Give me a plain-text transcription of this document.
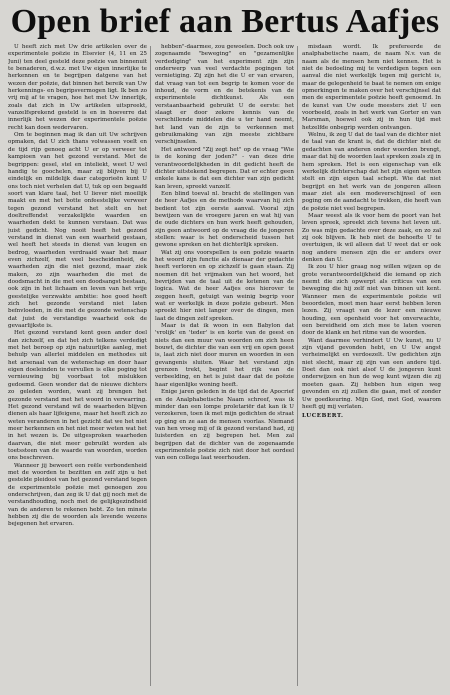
Open brief aan Bertus Aafjes

U heeft zich met Uw drie artikelen over de experimentele poëzie in Elsevier (4, 11 en 25 Juni) ten deel gesteld deze poëzie van binnenuit te benaderen, d.w.z. met Uw eigen innerlijke te herkennen en te begrijpen datgene van het wezen der poëzie, dat binnen het bereik van Uw herkennings- en begripsvermogen ligt. Ik ben zo vrij mij af te vragen, hoe het met Uw innerlijk, zoals dat zich in Uw artikelen uitspreekt, vanzelfsprekend gesteld is en in hoeverre dat innerlijk het wezen der experimentele poëzie recht kan doen wedervaren.

Om te beginnen mag ik dan uit Uw schrijven opmaken, dat U zich thans volwassen voelt en de tijd rijp genoeg acht U er op verweer tot kampioen van het gezond verstand. Met de begrippen: gesel, stel en inteliekt, weet U wel handig te goochelen, maar zij blijven bij U eindelijk en mildelijk daar categorieën kunt U ons toch niet verhelen dat U, tuk op een begaafd soort van klare taal, het U liever niet moeilijk maakt en met het botte onfeestelijke verweer tegen gezond verstand het stelt en het doeltreffendst verzakelijkte waarden en waarheden dekt te kunnen verstaan. Dat was juist gedicht. Nog nooit heeft het gezond verstand in dienst van een waarheid gestaan, wel heeft het steeds in dienst van leugen en bedrog, waarheden verdraaid waar het maar even zichzelf, met veel bescheidenheid, de waarheden zijn die niet gezond, maar ziek maken, zo zijn waarheden die met de doodsmacht in die met een doodsangst bestaan, ook zijn in het lichaam en leven van het vrije geestelijke verzwakte ambitie: hoe goed heeft zich het gezonde verstand niet laten beïnvloeden, in die met de gezonde wetenschap dat juist de verstandige waarheid ook de gevaarlijkste is.

Het gezond verstand kent geen ander doel dan zichzelf, en dat het zich telkens verdedigt met het beroep op zijn natuurlijke aanleg, met behulp van allerlei middelen en methodes uit het arsenaal van de wetenschap en door haar eigen doeleinden te vervullen is elke poging tot vernieuwing bij voorbaat tot mislukken gedoemd. Geen wonder dat de nieuwe dichters zo geleden worden, want zij brengen het gezonde verstand met het woord in verwarring. Het gezond verstand wil de waarheden blijven dienen als haar lijfeigene, maar het heeft zich zo weten veranderen in het gezicht dat we het niet meer herkennen en het niet meer weten wat het in het wezen is. De uitgesproken waarheden daarvan, die niet meer gebruikt worden als toetssteen van de waarde van woorden, worden ons beschreven.

Wanneer jij beweert een reële verbondenheid met de woorden te bezitten en zelf zijn u het gestelde pleidooi van het gezond verstand tegen de experimentele poëzie met genoegen zou onderschrijven, dan zeg ik U dat gij noch met de verstandhouding, noch met de gelijkgezindheid van de anderen te rekenen hebt. Zo ten minste hebben zij die de woorden als levende wezens bejegenen het ervaren.

hebben"-daarmee, zou gewoelen. Doch ook uw zogenaamde "beweging" en "gezamenlijke verdediging" van het experiment zijn zijn onderwerp van veel verdachte pogingen tot vernietiging. Zij zijn het die U er van ervaren, dat vraag van tot een begrip te komen voor de inhoud, de vorm en de betekenis van de experimentele dichtkunst. Als een verstaanbaarheid gebruikt U de eerste: het slaagt er door zekere kennis van de verschillende middelen die u ter hand neemt, het land van de zijn te verkennen met gebruikmaking van zijn meeste zichtbare verschijnselen.

Het antwoord "Zij zegt het" op de vraag "Wie is de koning der joden?" - van deze drie verantwoordelijkheden in dit gedicht heeft de dichter uitstekend begrepen. Dat er echter geen enkele kans is dat een dichter van zijn gedicht kan leven, spreekt vanzelf.

Een blind toeval nl. bracht de stellingen van de heer Aafjes en de methode waarvan hij zich bedient tot zijn eerste aanval. Vooral zijn bewijzen van de vroegere jaren en wat hij van de oude dichters en hun werk heeft gehouden, zijn geen antwoord op de vraag die de jongeren stellen: waar is het onderscheid tussen het gewone spreken en het dichterlijk spreken.

Wat zij ons voorspellen is een poëzie waarin het woord zijn functie als dienaar der gedachte heeft verloren en op zichzelf is gaan staan. Zij noemen dit het vrijmaken van het woord, het bevrijden van de taal uit de ketenen van de logica. Wat de heer Aafjes ons hierover te zeggen heeft, getuigt van weinig begrip voor wat er werkelijk in deze poëzie gebeurt. Men spreekt hier niet langer over de dingen, men laat de dingen zelf spreken.

Maar is dat ik woon in een Babylon dat 'vrolijk' en 'teder' is en korte van de geest en niets dan een muur van woorden om zich heen bouwt, de dichter die van een vrij en open geest is, laat zich niet door muren en woorden in een gevangenis sluiten. Waar het verstand zijn grenzen trekt, begint het rijk van de verbeelding, en het is juist daar dat de poëzie haar eigenlijke woning heeft.

Enige jaren geleden in de tijd dat de Apocrief en de Analphabetische Naam schreef, was ik minder dan een lompe proletariër dat kan ik U verzekeren, toen ik met mijn gedichten de straat op ging en ze aan de mensen voorlas. Niemand van hen vroeg mij of ik gezond verstand had, zij luisterden en zij begrepen het. Men zal begrijpen dat de dichter van de zogenaamde experimentele poëzie zich niet door het oordeel van een collega laat weerhouden.

misdaan wordt. Ik prefereerde de analphabetische naam, de naam N.v. van de naam als de mensen hem niet kennen. Het is niet de bedoeling mij te verdedigen tegen een aanval die niet werkelijk tegen mij gericht is, maar de gelegenheid te baat te nemen om enige opmerkingen te maken over het verschijnsel dat men de experimentele poëzie heeft genoemd. In de kunst van Uw oude meesters ziet U een voorbeeld, zoals in het werk van Gorter en van Marsman, hoewel ook zij in hun tijd met hetzelfde onbegrip werden ontvangen.

Welnu, ik zeg U dat de taal van de dichter niet de taal van de krant is, dat de dichter niet de gedachten van anderen onder woorden brengt, maar dat hij de woorden laat spreken zoals zij in hem spreken. Het is een eigenschap van elk werkelijk dichterschap dat het zijn eigen wetten stelt en zijn eigen taal schept. Wie dat niet begrijpt en het werk van de jongeren alleen maar ziet als een modeverschijnsel of een poging om de aandacht te trekken, die heeft van de poëzie niet veel begrepen.

Maar weest als ik voor hem de poort van het leven spreek, spreekt zich tevens het leven uit. Zo was mijn gedachte over deze zaak, en zo zal zij ook blijven. Ik heb niet de behoefte U te overtuigen, ik wil alleen dat U weet dat er ook nog andere mensen zijn die er anders over denken dan U.

Ik zou U hier graag nog willen wijzen op de grote verantwoordelijkheid die iemand op zich neemt die zich opwerpt als criticus van een beweging die hij zelf niet van binnen uit kent. Wanneer men de experimentele poëzie wil beoordelen, moet men haar eerst hebben leren lezen. Zij vraagt van de lezer een nieuwe houding, een openheid voor het onverwachte, een bereidheid om zich mee te laten voeren door de klank en het ritme van de woorden.

Want daarmee verhindert U Uw kunst, nu U zijn vijand gevonden hebt, en U Uw angst verheimelijkt en verdoezelt. Uw gedichten zijn niet slecht, maar zij zijn van een andere tijd. Doet dan ook niet alsof U de jongeren kunt onderwijzen en hun de weg kunt wijzen die zij moeten gaan. Zij hebben hun eigen weg gevonden en zij zullen die gaan, met of zonder Uw goedkeuring. Mijn God, met God, waarom heeft gij mij verlaten.

LUCEBERT.
